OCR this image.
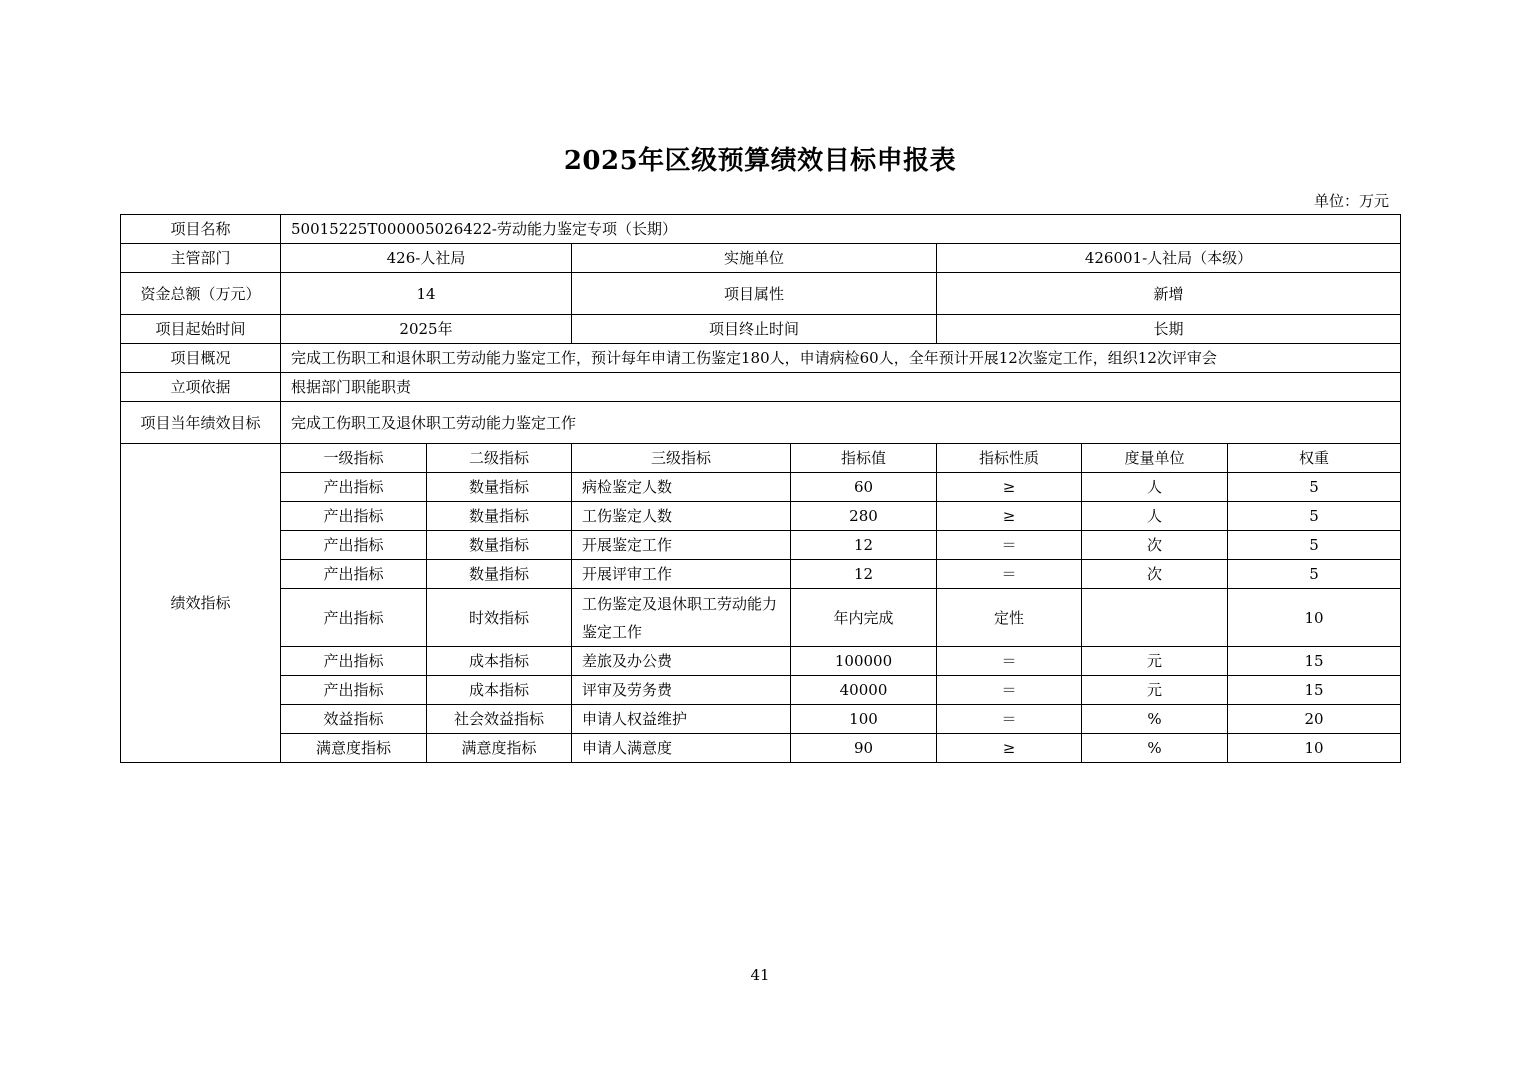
2025年区级预算绩效目标申报表
单位：万元
项目名称	50015225T000005026422-劳动能力鉴定专项（长期）						
主管部门	426-人社局		实施单位		426001-人社局（本级）		
资金总额（万元）	14		项目属性		新增		
项目起始时间	2025年		项目终止时间		长期		
项目概况	完成工伤职工和退休职工劳动能力鉴定工作，预计每年申请工伤鉴定180人，申请病检60人，全年预计开展12次鉴定工作，组织12次评审会						
立项依据	根据部门职能职责						
项目当年绩效目标	完成工伤职工及退休职工劳动能力鉴定工作						
绩效指标	一级指标	二级指标	三级指标	指标值	指标性质	度量单位	权重
	产出指标	数量指标	病检鉴定人数	60	≥	人	5
	产出指标	数量指标	工伤鉴定人数	280	≥	人	5
	产出指标	数量指标	开展鉴定工作	12	＝	次	5
	产出指标	数量指标	开展评审工作	12	＝	次	5
	产出指标	时效指标	工伤鉴定及退休职工劳动能力鉴定工作	年内完成	定性		10
	产出指标	成本指标	差旅及办公费	100000	＝	元	15
	产出指标	成本指标	评审及劳务费	40000	＝	元	15
	效益指标	社会效益指标	申请人权益维护	100	＝	%	20
	满意度指标	满意度指标	申请人满意度	90	≥	%	10
41
